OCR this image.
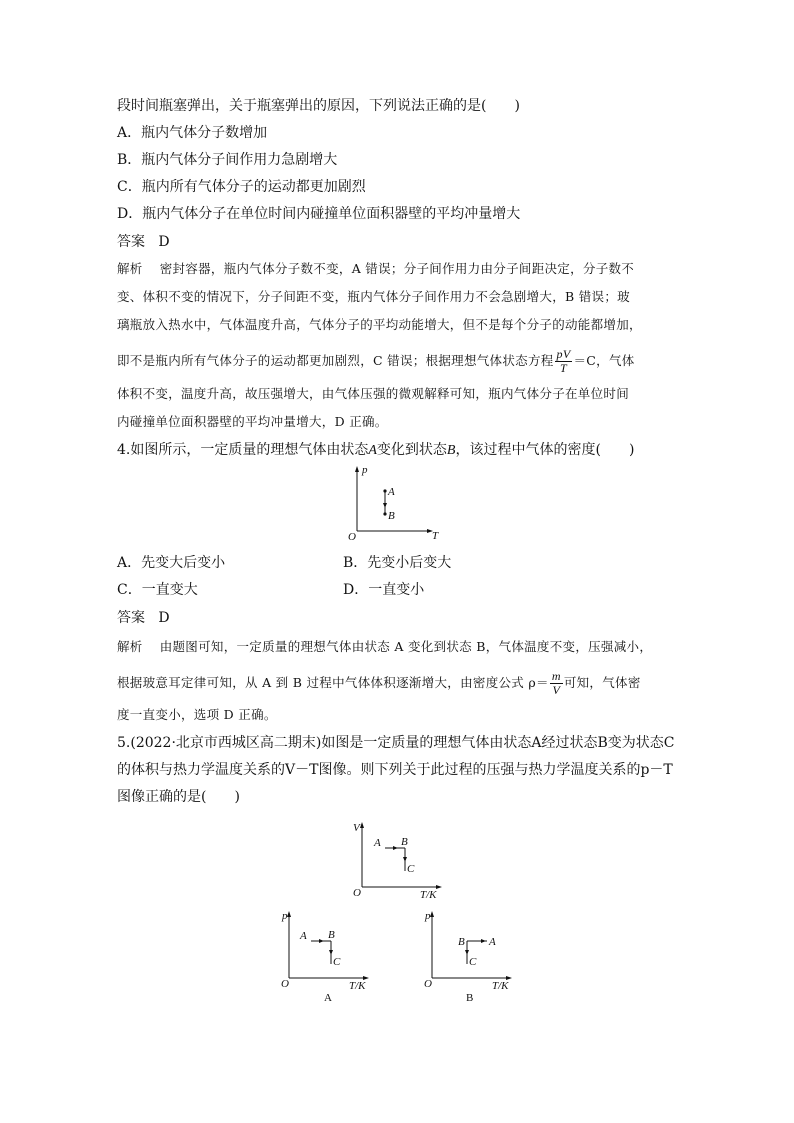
段时间瓶塞弹出，关于瓶塞弹出的原因，下列说法正确的是(　　)
A．瓶内气体分子数增加
B．瓶内气体分子间作用力急剧增大
C．瓶内所有气体分子的运动都更加剧烈
D．瓶内气体分子在单位时间内碰撞单位面积器壁的平均冲量增大
答案 D
解析 密封容器，瓶内气体分子数不变，A 错误；分子间作用力由分子间距决定，分子数不
变、体积不变的情况下，分子间距不变，瓶内气体分子间作用力不会急剧增大，B 错误；玻
璃瓶放入热水中，气体温度升高，气体分子的平均动能增大，但不是每个分子的动能都增加，
即不是瓶内所有气体分子的运动都更加剧烈，C 错误；根据理想气体状态方程 $\frac{pV}{T} =C$，气体
体积不变，温度升高，故压强增大，由气体压强的微观解释可知，瓶内气体分子在单位时间
内碰撞单位面积器壁的平均冲量增大，D 正确。
4.如图所示，一定质量的理想气体由状态A变化到状态B，该过程中气体的密度(　　)
p
T
O
A
B
A．先变大后变小	B．先变小后变大
C．一直变大	D．一直变小
答案 D
解析 由题图可知，一定质量的理想气体由状态 A 变化到状态 B，气体温度不变，压强减小，
根据玻意耳定律可知，从 A 到 B 过程中气体体积逐渐增大，由密度公式 $\rho= \frac{m}{V}$ 可知，气体密
度一直变小，选项 D 正确。
5.(2022·北京市西城区高二期末)如图是一定质量的理想气体由状态A经过状态B变为状态C
的体积与热力学温度关系的V－T图像。则下列关于此过程的压强与热力学温度关系的p－T
图像正确的是(　　)
V
T/K
O
A B
C
p
T/K
O
A B
C
A
p
T/K
O
A
B
C
B
